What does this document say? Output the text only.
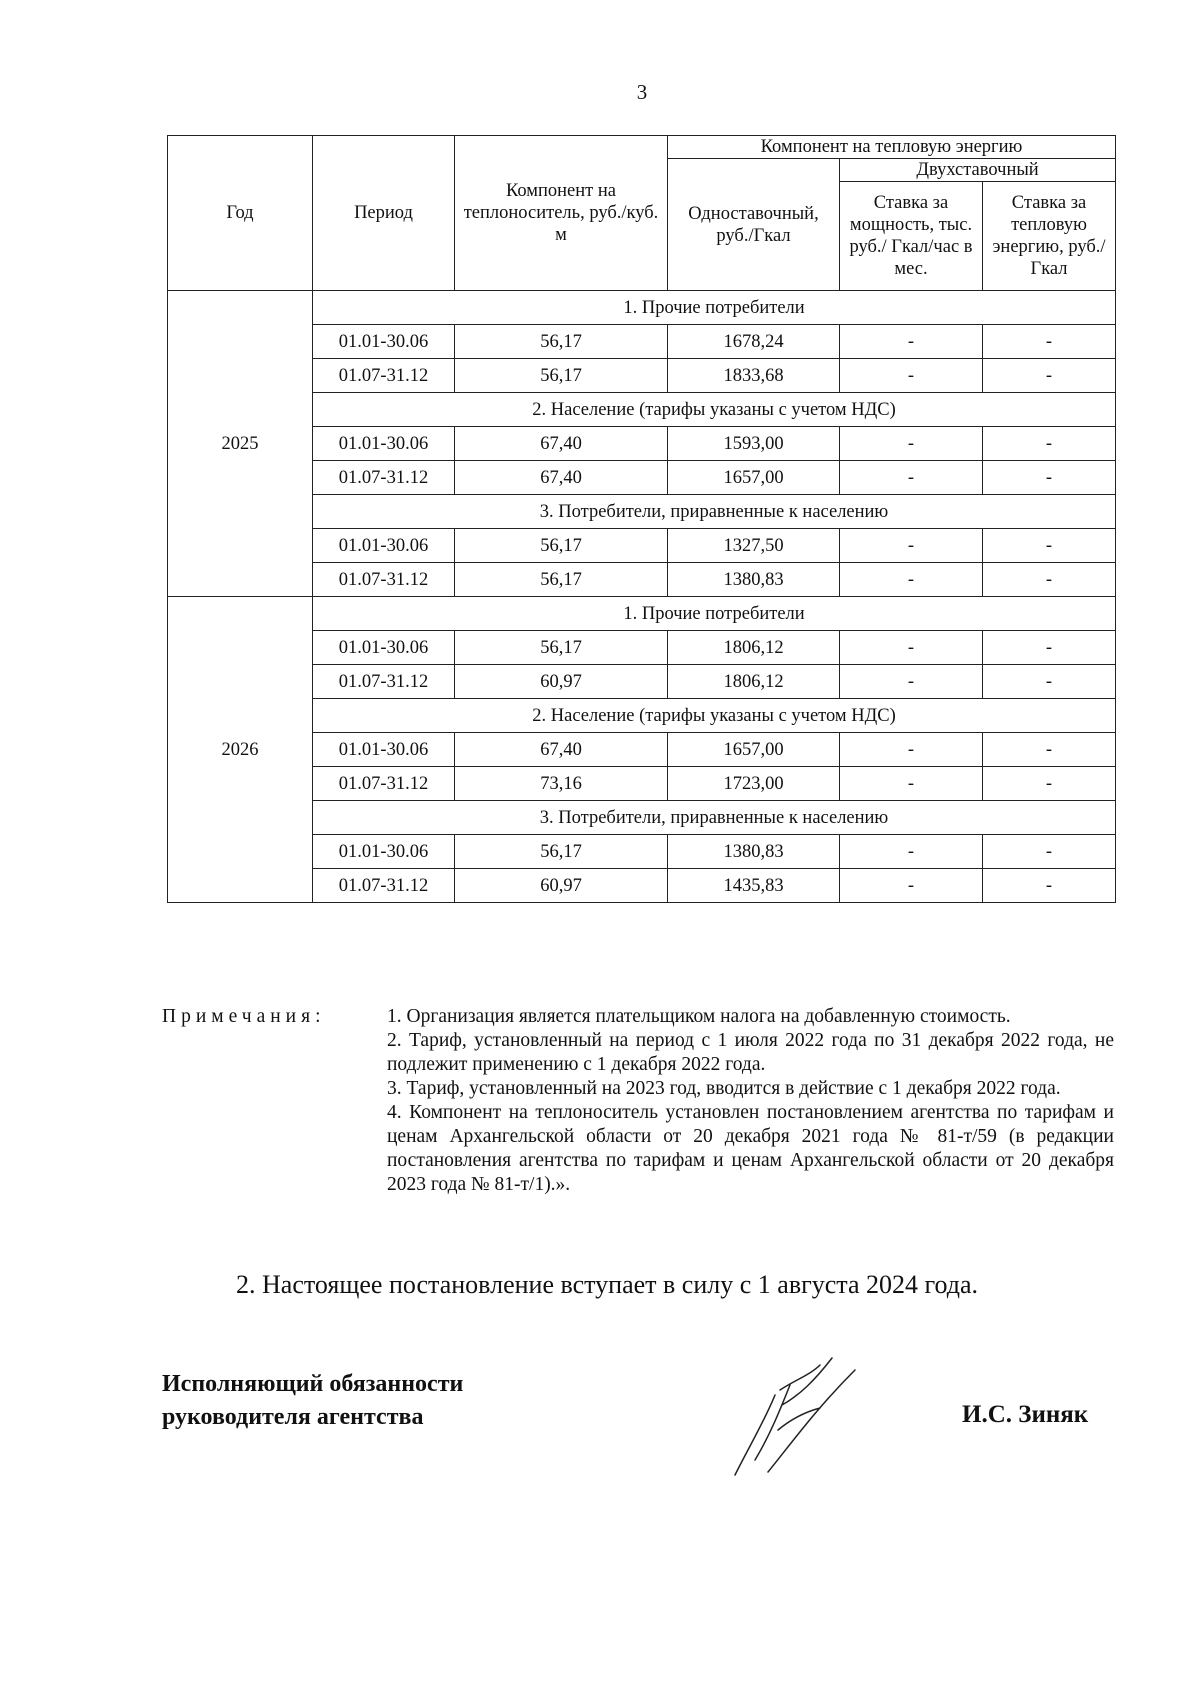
3
Год	Период	Компонент на теплоноситель, руб./куб. м	Компонент на тепловую энергию		
			Одноставочный, руб./Гкал	Двухставочный	
				Ставка за мощность, тыс. руб./ Гкал/час в мес.	Ставка за тепловую энергию, руб./Гкал
2025	1. Прочие потребители				
	01.01-30.06	56,17	1678,24	-	-
	01.07-31.12	56,17	1833,68	-	-
	2. Население (тарифы указаны с учетом НДС)				
	01.01-30.06	67,40	1593,00	-	-
	01.07-31.12	67,40	1657,00	-	-
	3. Потребители, приравненные к населению				
	01.01-30.06	56,17	1327,50	-	-
	01.07-31.12	56,17	1380,83	-	-
2026	1. Прочие потребители				
	01.01-30.06	56,17	1806,12	-	-
	01.07-31.12	60,97	1806,12	-	-
	2. Население (тарифы указаны с учетом НДС)				
	01.01-30.06	67,40	1657,00	-	-
	01.07-31.12	73,16	1723,00	-	-
	3. Потребители, приравненные к населению				
	01.01-30.06	56,17	1380,83	-	-
	01.07-31.12	60,97	1435,83	-	-
Примечания:	1. Организация является плательщиком налога на добавленную стоимость.

2. Тариф, установленный на период с 1 июля 2022 года по 31 декабря 2022 года, не подлежит применению с 1 декабря 2022 года.

3. Тариф, установленный на 2023 год, вводится в действие с 1 декабря 2022 года.

4. Компонент на теплоноситель установлен постановлением агентства по тарифам и ценам Архангельской области от 20 декабря 2021 года № 81-т/59 (в редакции постановления агентства по тарифам и ценам Архангельской области от 20 декабря 2023 года № 81-т/1).».

2. Настоящее постановление вступает в силу с 1 августа 2024 года.
Исполняющий обязанности
руководителя агентства	И.С. Зиняк
